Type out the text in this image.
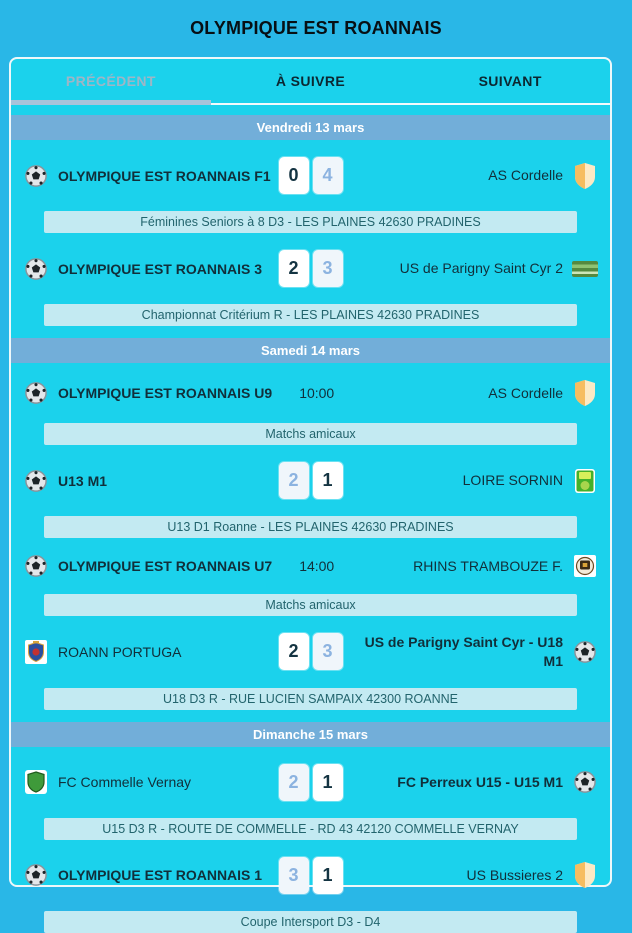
OLYMPIQUE EST ROANNAIS
PRÉCÉDENT	À SUIVRE	SUIVANT
Vendredi 13 mars
OLYMPIQUE EST ROANNAIS F1 0	4	AS Cordelle
Féminines Seniors à 8 D3 - LES PLAINES 42630 PRADINES
OLYMPIQUE EST ROANNAIS 3	2	3	US de Parigny Saint Cyr 2
Championnat Critérium R - LES PLAINES 42630 PRADINES
Samedi 14 mars
OLYMPIQUE EST ROANNAIS U9 10:00	AS Cordelle
Matchs amicaux
U13 M1	2	1	LOIRE SORNIN
U13 D1 Roanne - LES PLAINES 42630 PRADINES
OLYMPIQUE EST ROANNAIS U7 14:00	RHINS TRAMBOUZE F.
Matchs amicaux
ROANN PORTUGA	2	3	US de Parigny Saint Cyr - U18 M1
U18 D3 R - RUE LUCIEN SAMPAIX 42300 ROANNE
Dimanche 15 mars
FC Commelle Vernay	2	1	FC Perreux U15 - U15 M1
U15 D3 R - ROUTE DE COMMELLE - RD 43 42120 COMMELLE VERNAY
OLYMPIQUE EST ROANNAIS 1	3	1	US Bussieres 2
Coupe Intersport D3 - D4
